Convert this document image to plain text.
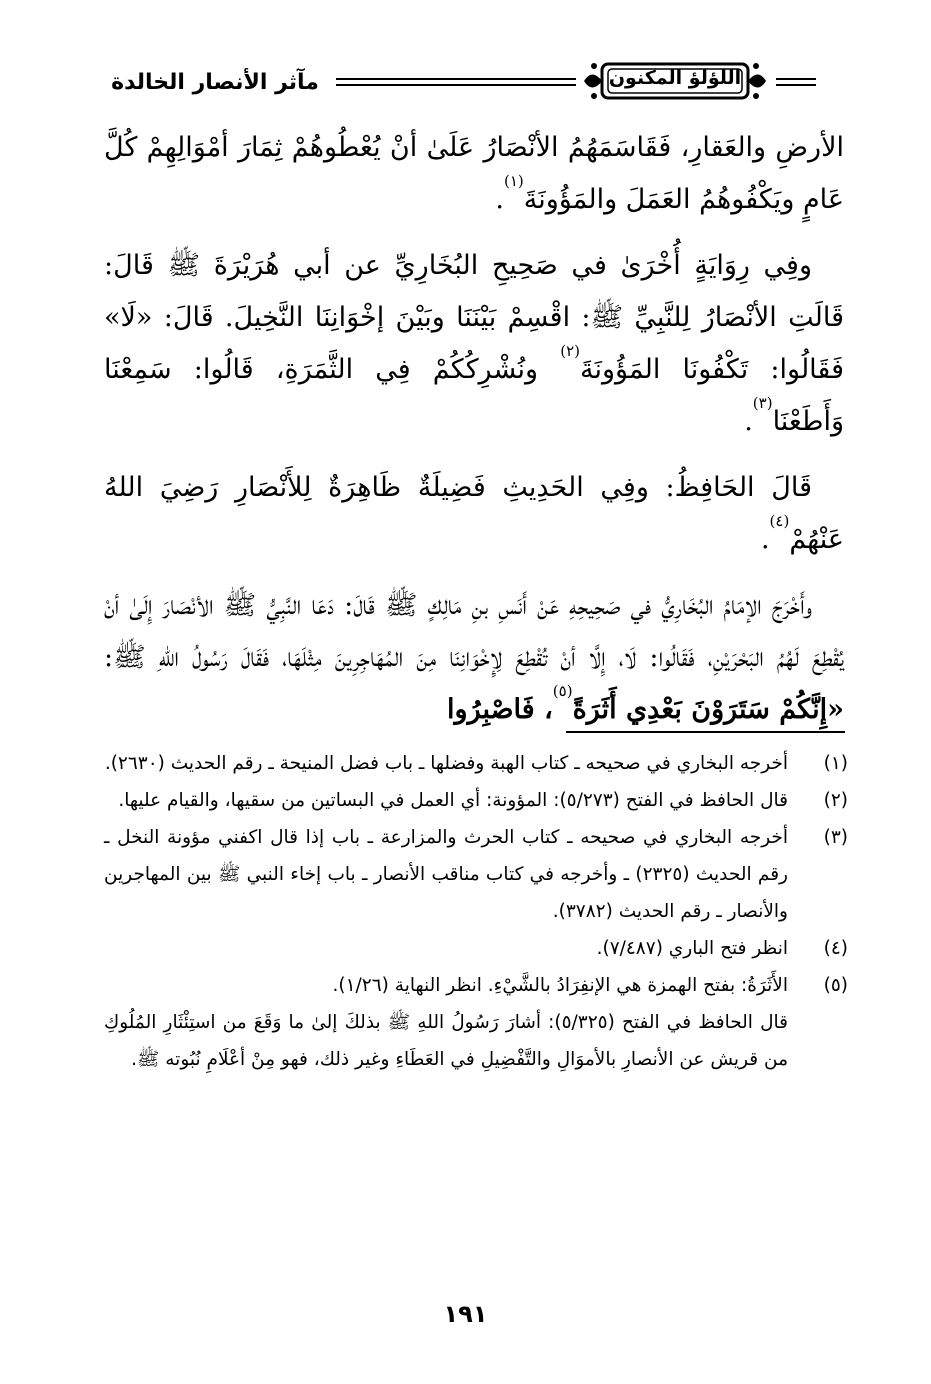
مآثر الأنصار الخالدة	اللؤلؤ المكنون

الأرضِ والعَقارِ، فَقَاسَمَهُمُ الأنْصَارُ عَلَىٰ أنْ يُعْطُوهُمْ ثِمَارَ أمْوَالِهِمْ كُلَّ عَامٍ ويَكْفُوهُمُ العَمَلَ والمَؤُونَةَ$^{(١)}$.

وفِي رِوَايَةٍ أُخْرَىٰ في صَحِيحِ البُخَارِيِّ عن أبي هُرَيْرَةَ ﷺ قَالَ: قَالَتِ الأنْصَارُ لِلنَّبِيِّ ﷺ: اقْسِمْ بَيْنَنَا وبَيْنَ إخْوَانِنَا النَّخِيلَ. قَالَ: «لَا» فَقَالُوا: تَكْفُونَا المَؤُونَةَ$^{(٢)}$ ونُشْرِكُكُمْ فِي الثَّمَرَةِ، قَالُوا: سَمِعْنَا وَأَطَعْنَا$^{(٣)}$.

قَالَ الحَافِظُ: وفِي الحَدِيثِ فَضِيلَةٌ ظَاهِرَةٌ لِلأَنْصَارِ رَضِيَ اللهُ عَنْهُمْ$^{(٤)}$.

وأَخْرَجَ الإمَامُ البُخَارِيُّ في صَحِيحِهِ عَنْ أَنَسِ بنِ مَالِكٍ ﷺ قَالَ: دَعَا النَّبِيُّ ﷺ الأنْصَارَ إِلَىٰ أنْ يُقْطِعَ لَهُمُ البَحْرَيْنِ، فَقَالُوا: لَا، إِلَّا أنْ تُقْطِعَ لِإِخْوَانِنَا مِنَ المُهَاجِرِينَ مِثْلَهَا، فَقَالَ رَسُولُ اللهِ ﷺ: «إِنَّكُمْ سَتَرَوْنَ بَعْدِي أَثَرَةً$^{(٥)}$، فَاصْبِرُوا

(١)
أخرجه البخاري في صحيحه ـ كتاب الهبة وفضلها ـ باب فضل المنيحة ـ رقم الحديث (٢٦٣٠).
(٢)
قال الحافظ في الفتح (٥/٢٧٣): المؤونة: أي العمل في البساتين من سقيها، والقيام عليها.
(٣)
أخرجه البخاري في صحيحه ـ كتاب الحرث والمزارعة ـ باب إذا قال اكفني مؤونة النخل ـ رقم الحديث (٢٣٢٥) ـ وأخرجه في كتاب مناقب الأنصار ـ باب إخاء النبي ﷺ بين المهاجرين والأنصار ـ رقم الحديث (٣٧٨٢).
(٤)
انظر فتح الباري (٧/٤٨٧).
(٥)
الأَثَرَةُ: بفتح الهمزة هي الإنفِرَادُ بالشَّيْءِ. انظر النهاية (١/٢٦).
قال الحافظ في الفتح (٥/٣٢٥): أشارَ رَسُولُ اللهِ ﷺ بذلكَ إلىٰ ما وَقَعَ من استِئْثَارِ المُلُوكِ من قريش عن الأنصارِ بالأموَالِ والتَّفْضِيلِ في العَطَاءِ وغير ذلك، فهو مِنْ أعْلَامِ نُبُوته ﷺ.
١٩١
